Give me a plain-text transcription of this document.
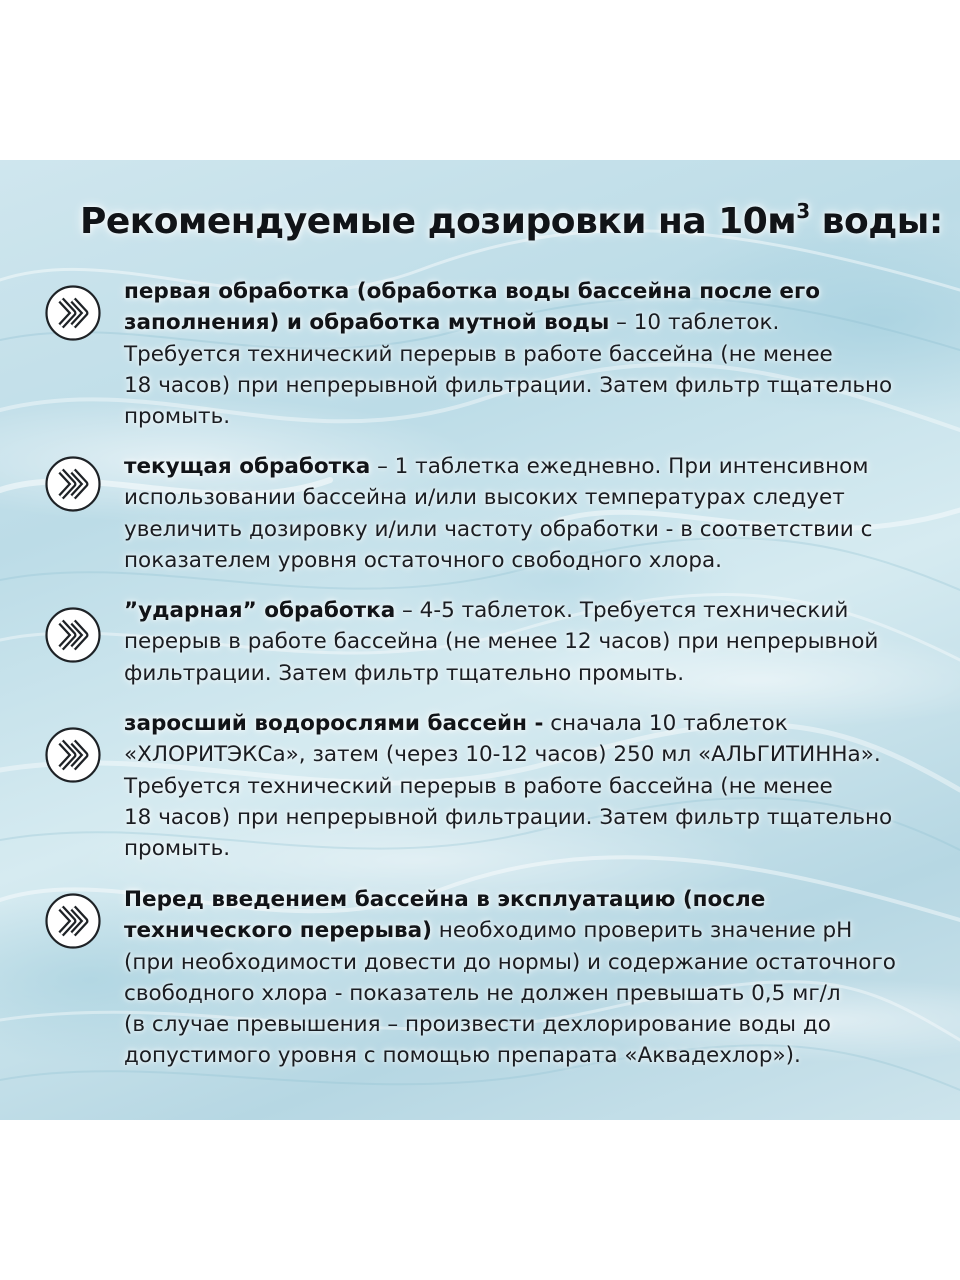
Рекомендуемые дозировки на $10м^3$ воды:

первая обработка (обработка воды бассейна после его
заполнения) и обработка мутной воды – 10 таблеток.
Требуется технический перерыв в работе бассейна (не менее
18 часов) при непрерывной фильтрации. Затем фильтр тщательно
промыть.

текущая обработка – 1 таблетка ежедневно. При интенсивном
использовании бассейна и/или высоких температурах следует
увеличить дозировку и/или частоту обработки - в соответствии с
показателем уровня остаточного свободного хлора.

”ударная” обработка – 4-5 таблеток. Требуется технический
перерыв в работе бассейна (не менее 12 часов) при непрерывной
фильтрации. Затем фильтр тщательно промыть.

заросший водорослями бассейн - сначала 10 таблеток
«ХЛОРИТЭКСа», затем (через 10-12 часов) 250 мл «АЛЬГИТИННа».
Требуется технический перерыв в работе бассейна (не менее
18 часов) при непрерывной фильтрации. Затем фильтр тщательно
промыть.

Перед введением бассейна в эксплуатацию (после
технического перерыва) необходимо проверить значение pH
(при необходимости довести до нормы) и содержание остаточного
свободного хлора - показатель не должен превышать 0,5 мг/л
(в случае превышения – произвести дехлорирование воды до
допустимого уровня с помощью препарата «Аквадехлор»).
